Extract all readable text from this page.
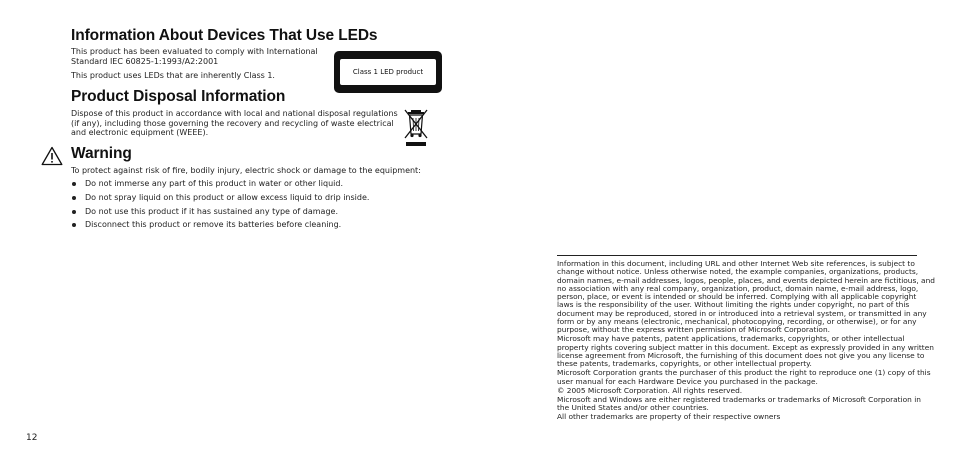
Information About Devices That Use LEDs

This product has been evaluated to comply with International Standard IEC 60825-1:1993/A2:2001

This product uses LEDs that are inherently Class 1.	Class 1 LED product
Product Disposal Information

Dispose of this product in accordance with local and national disposal regulations (if any), including those governing the recovery and recycling of waste electrical and electronic equipment (WEEE).

Warning

To protect against risk of fire, bodily injury, electric shock or damage to the equipment:

Do not immerse any part of this product in water or other liquid.
Do not spray liquid on this product or allow excess liquid to drip inside.
Do not use this product if it has sustained any type of damage.
Disconnect this product or remove its batteries before cleaning.

Information in this document, including URL and other Internet Web site references, is subject to change without notice. Unless otherwise noted, the example companies, organizations, products, domain names, e-mail addresses, logos, people, places, and events depicted herein are fictitious, and no association with any real company, organization, product, domain name, e-mail address, logo, person, place, or event is intended or should be inferred. Complying with all applicable copyright laws is the responsibility of the user. Without limiting the rights under copyright, no part of this document may be reproduced, stored in or introduced into a retrieval system, or transmitted in any form or by any means (electronic, mechanical, photocopying, recording, or otherwise), or for any purpose, without the express written permission of Microsoft Corporation.

Microsoft may have patents, patent applications, trademarks, copyrights, or other intellectual property rights covering subject matter in this document. Except as expressly provided in any written license agreement from Microsoft, the furnishing of this document does not give you any license to these patents, trademarks, copyrights, or other intellectual property.

Microsoft Corporation grants the purchaser of this product the right to reproduce one (1) copy of this user manual for each Hardware Device you purchased in the package.

© 2005 Microsoft Corporation. All rights reserved.

Microsoft and Windows are either registered trademarks or trademarks of Microsoft Corporation in the United States and/or other countries.

All other trademarks are property of their respective owners

12
